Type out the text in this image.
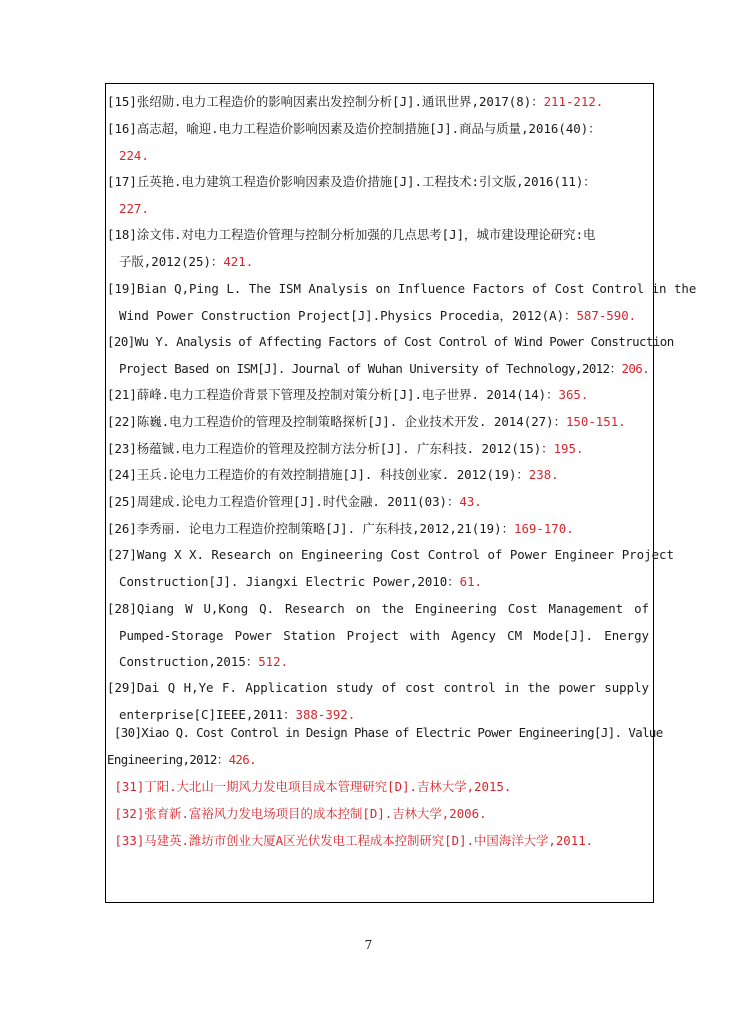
[15]张绍勋.电力工程造价的影响因素出发控制分析[J].通讯世界,2017(8)：211-212.

[16]高志超，喻迎.电力工程造价影响因素及造价控制措施[J].商品与质量,2016(40)：
224.

[17]丘英艳.电力建筑工程造价影响因素及造价措施[J].工程技术:引文版,2016(11)：
227.

[18]涂文伟.对电力工程造价管理与控制分析加强的几点思考[J]，城市建设理论研究:电
子版,2012(25)：421.

[19]Bian Q,Ping L. The ISM Analysis on Influence Factors of Cost Control in the
Wind Power Construction Project[J].Physics Procedia，2012(A)：587-590.

[20]Wu Y. Analysis of Affecting Factors of Cost Control of Wind Power Construction
Project Based on ISM[J]. Journal of Wuhan University of Technology,2012：206.

[21]薛峰.电力工程造价背景下管理及控制对策分析[J].电子世界. 2014(14)：365.

[22]陈巍.电力工程造价的管理及控制策略探析[J]. 企业技术开发. 2014(27)：150-151.

[23]杨蕴铖.电力工程造价的管理及控制方法分析[J]. 广东科技. 2012(15)：195.

[24]王兵.论电力工程造价的有效控制措施[J]. 科技创业家. 2012(19)：238.

[25]周建成.论电力工程造价管理[J].时代金融. 2011(03)：43.

[26]李秀丽. 论电力工程造价控制策略[J]. 广东科技,2012,21(19)：169-170.

[27]Wang X X. Research on Engineering Cost Control of Power Engineer Project
Construction[J]. Jiangxi Electric Power,2010：61.

[28]Qiang W U,Kong Q. Research on the Engineering Cost Management of
Pumped-Storage Power Station Project with Agency CM Mode[J]. Energy
Construction,2015：512.

[29]Dai Q H,Ye F. Application study of cost control in the power supply
enterprise[C]IEEE,2011：388-392.

[30]Xiao Q. Cost Control in Design Phase of Electric Power Engineering[J]. Value
Engineering,2012：426.

[31]丁阳.大北山一期风力发电项目成本管理研究[D].吉林大学,2015.

[32]张育新.富裕风力发电场项目的成本控制[D].吉林大学,2006.

[33]马建英.潍坊市创业大厦A区光伏发电工程成本控制研究[D].中国海洋大学,2011.

7
